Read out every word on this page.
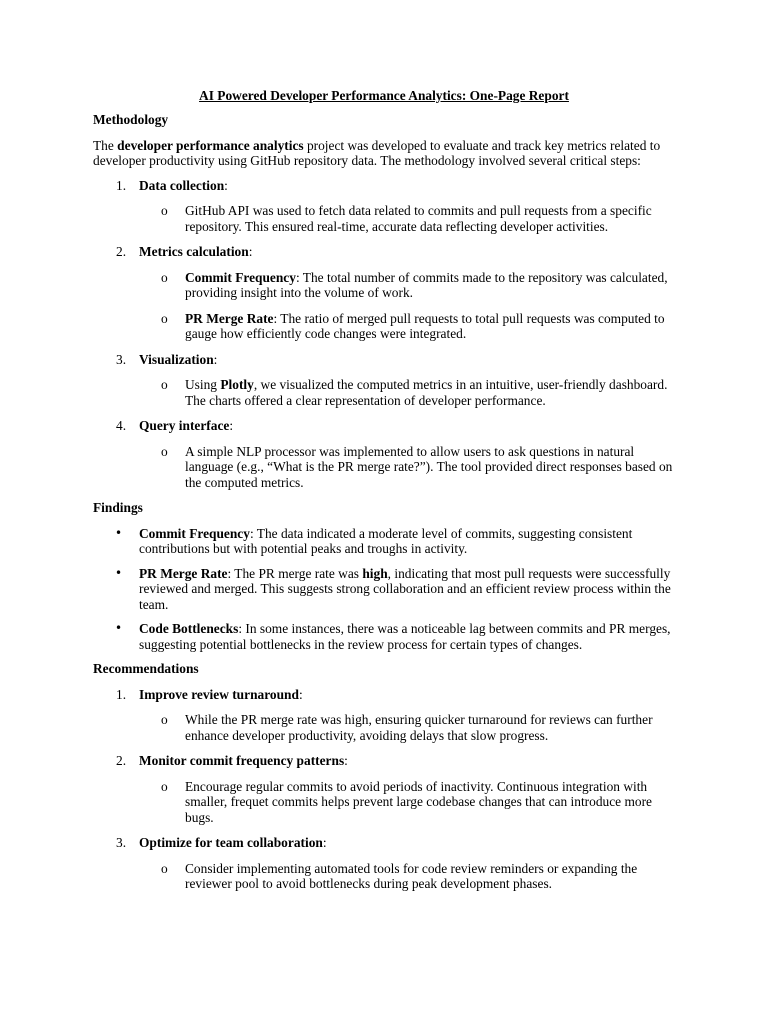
AI Powered Developer Performance Analytics: One-Page Report
Methodology
The developer performance analytics project was developed to evaluate and track key metrics related to developer productivity using GitHub repository data. The methodology involved several critical steps:
1. Data collection:
o GitHub API was used to fetch data related to commits and pull requests from a specific repository. This ensured real-time, accurate data reflecting developer activities.
2. Metrics calculation:
o Commit Frequency: The total number of commits made to the repository was calculated, providing insight into the volume of work.
o PR Merge Rate: The ratio of merged pull requests to total pull requests was computed to gauge how efficiently code changes were integrated.
3. Visualization:
o Using Plotly, we visualized the computed metrics in an intuitive, user-friendly dashboard. The charts offered a clear representation of developer performance.
4. Query interface:
o A simple NLP processor was implemented to allow users to ask questions in natural language (e.g., “What is the PR merge rate?”). The tool provided direct responses based on the computed metrics.
Findings
• Commit Frequency: The data indicated a moderate level of commits, suggesting consistent contributions but with potential peaks and troughs in activity.
• PR Merge Rate: The PR merge rate was high, indicating that most pull requests were successfully reviewed and merged. This suggests strong collaboration and an efficient review process within the team.
• Code Bottlenecks: In some instances, there was a noticeable lag between commits and PR merges, suggesting potential bottlenecks in the review process for certain types of changes.
Recommendations
1. Improve review turnaround:
o While the PR merge rate was high, ensuring quicker turnaround for reviews can further enhance developer productivity, avoiding delays that slow progress.
2. Monitor commit frequency patterns:
o Encourage regular commits to avoid periods of inactivity. Continuous integration with smaller, frequet commits helps prevent large codebase changes that can introduce more bugs.
3. Optimize for team collaboration:
o Consider implementing automated tools for code review reminders or expanding the reviewer pool to avoid bottlenecks during peak development phases.
